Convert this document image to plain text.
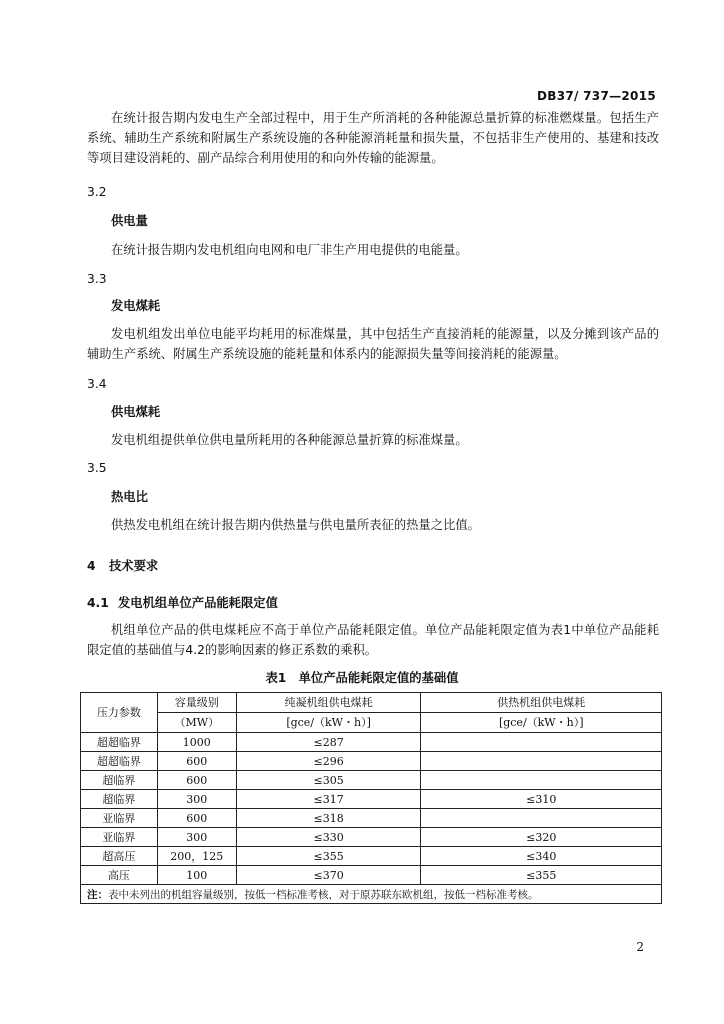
DB37/ 737—2015

在统计报告期内发电生产全部过程中，用于生产所消耗的各种能源总量折算的标准燃煤量。包括生产系统、辅助生产系统和附属生产系统设施的各种能源消耗量和损失量，不包括非生产使用的、基建和技改等项目建设消耗的、副产品综合利用使用的和向外传输的能源量。

3.2
供电量
在统计报告期内发电机组向电网和电厂非生产用电提供的电能量。
3.3
发电煤耗

发电机组发出单位电能平均耗用的标准煤量，其中包括生产直接消耗的能源量，以及分摊到该产品的辅助生产系统、附属生产系统设施的能耗量和体系内的能源损失量等间接消耗的能源量。

3.4
供电煤耗
发电机组提供单位供电量所耗用的各种能源总量折算的标准煤量。
3.5
热电比
供热发电机组在统计报告期内供热量与供电量所表征的热量之比值。
4 技术要求
4.1 发电机组单位产品能耗限定值

机组单位产品的供电煤耗应不高于单位产品能耗限定值。单位产品能耗限定值为表1中单位产品能耗限定值的基础值与4.2的影响因素的修正系数的乘积。

表1　单位产品能耗限定值的基础值
压力参数	容量级别	纯凝机组供电煤耗	供热机组供电煤耗
	（MW）	[gce/（kW・h）]	[gce/（kW・h）]
超超临界	1000	≤287	
超超临界	600	≤296	
超临界	600	≤305	
超临界	300	≤317	≤310
亚临界	600	≤318	
亚临界	300	≤330	≤320
超高压	200，125	≤355	≤340
高压	100	≤370	≤355
注：表中未列出的机组容量级别，按低一档标准考核，对于原苏联东欧机组，按低一档标准考核。			
2
